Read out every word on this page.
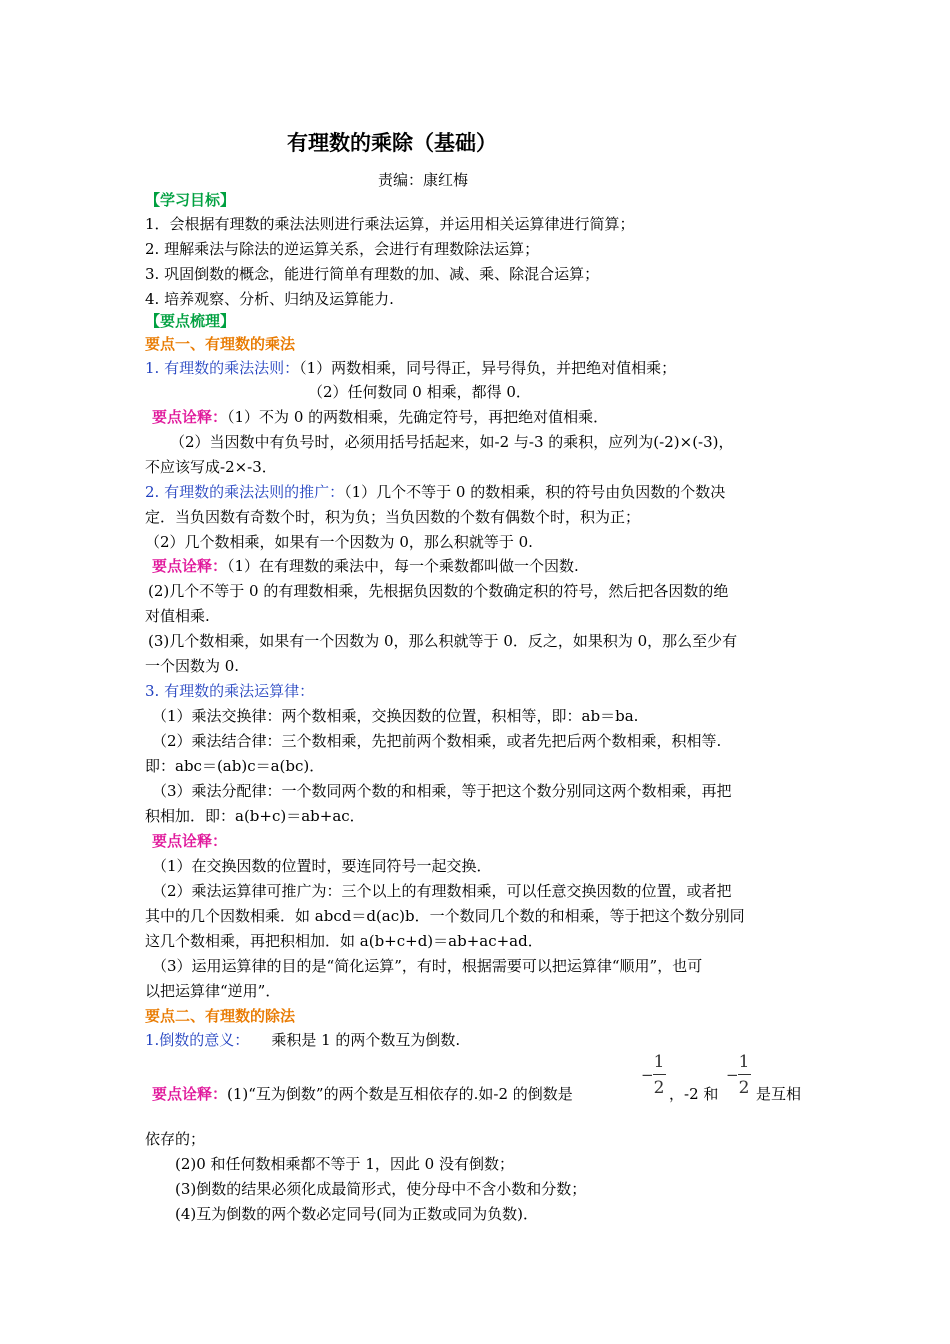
有理数的乘除（基础）
责编：康红梅
【学习目标】
1．会根据有理数的乘法法则进行乘法运算，并运用相关运算律进行简算；
2. 理解乘法与除法的逆运算关系，会进行有理数除法运算；
3. 巩固倒数的概念，能进行简单有理数的加、减、乘、除混合运算；
4. 培养观察、分析、归纳及运算能力.
【要点梳理】
要点一、有理数的乘法
1. 有理数的乘法法则：（1）两数相乘，同号得正，异号得负，并把绝对值相乘；
（2）任何数同 0 相乘，都得 0．
要点诠释：（1）不为 0 的两数相乘，先确定符号，再把绝对值相乘．
（2）当因数中有负号时，必须用括号括起来，如-2 与-3 的乘积，应列为(-2)×(-3)，
不应该写成-2×-3．
2. 有理数的乘法法则的推广：（1）几个不等于 0 的数相乘，积的符号由负因数的个数决
定．当负因数有奇数个时，积为负；当负因数的个数有偶数个时，积为正；
（2）几个数相乘，如果有一个因数为 0，那么积就等于 0.
要点诠释：（1）在有理数的乘法中，每一个乘数都叫做一个因数.
(2)几个不等于 0 的有理数相乘，先根据负因数的个数确定积的符号，然后把各因数的绝
对值相乘.
(3)几个数相乘，如果有一个因数为 0，那么积就等于 0．反之，如果积为 0，那么至少有
一个因数为 0.
3. 有理数的乘法运算律：
（1）乘法交换律：两个数相乘，交换因数的位置，积相等，即：ab＝ba.
（2）乘法结合律：三个数相乘，先把前两个数相乘，或者先把后两个数相乘，积相等.
即：abc＝(ab)c＝a(bc)．
（3）乘法分配律：一个数同两个数的和相乘，等于把这个数分别同这两个数相乘，再把
积相加．即：a(b+c)＝ab+ac．
要点诠释：
（1）在交换因数的位置时，要连同符号一起交换．
（2）乘法运算律可推广为：三个以上的有理数相乘，可以任意交换因数的位置，或者把
其中的几个因数相乘．如 abcd＝d(ac)b．一个数同几个数的和相乘，等于把这个数分别同
这几个数相乘，再把积相加．如 a(b+c+d)＝ab+ac+ad．
（3）运用运算律的目的是“简化运算”，有时，根据需要可以把运算律“顺用”，也可
以把运算律“逆用”．
要点二、有理数的除法
1.倒数的意义： 乘积是 1 的两个数互为倒数.
要点诠释：(1)“互为倒数”的两个数是互相依存的.如-2 的倒数是
−
1
2 ，-2 和
−
1
2 是互相
依存的；
(2)0 和任何数相乘都不等于 1，因此 0 没有倒数；
(3)倒数的结果必须化成最简形式，使分母中不含小数和分数；
(4)互为倒数的两个数必定同号(同为正数或同为负数)．
